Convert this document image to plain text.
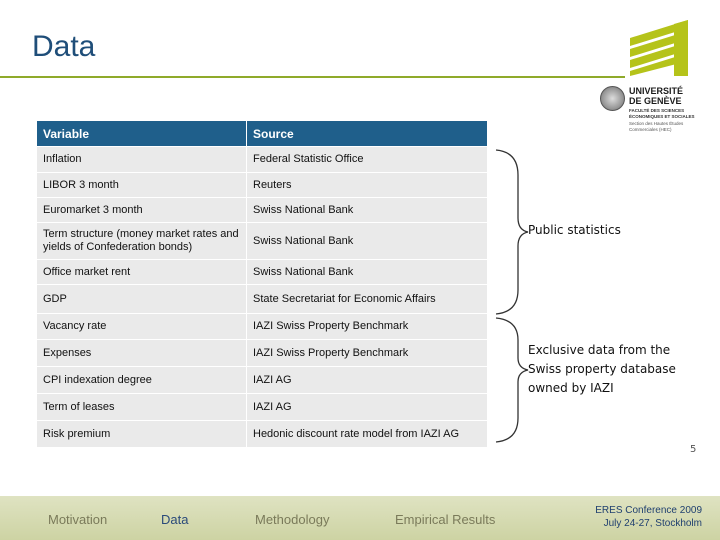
Data
UNIVERSITÉ
DE GENÈVE
FACULTÉ DES SCIENCES
ÉCONOMIQUES ET SOCIALES
Section des Hautes Études
Commerciales (HEC)
Variable	Source
Inflation	Federal Statistic Office
LIBOR 3 month	Reuters
Euromarket 3 month	Swiss National Bank
Term structure (money market rates and yields of Confederation bonds)	Swiss National Bank
Office market rent	Swiss National Bank
GDP	State Secretariat for Economic Affairs
Vacancy rate	IAZI Swiss Property Benchmark
Expenses	IAZI Swiss Property Benchmark
CPI indexation degree	IAZI AG
Term of leases	IAZI AG
Risk premium	Hedonic discount rate model from IAZI AG
Public statistics
Exclusive data from the Swiss property database owned by IAZI
5
Motivation	Data	Methodology	Empirical Results
ERES Conference 2009
July 24-27, Stockholm
